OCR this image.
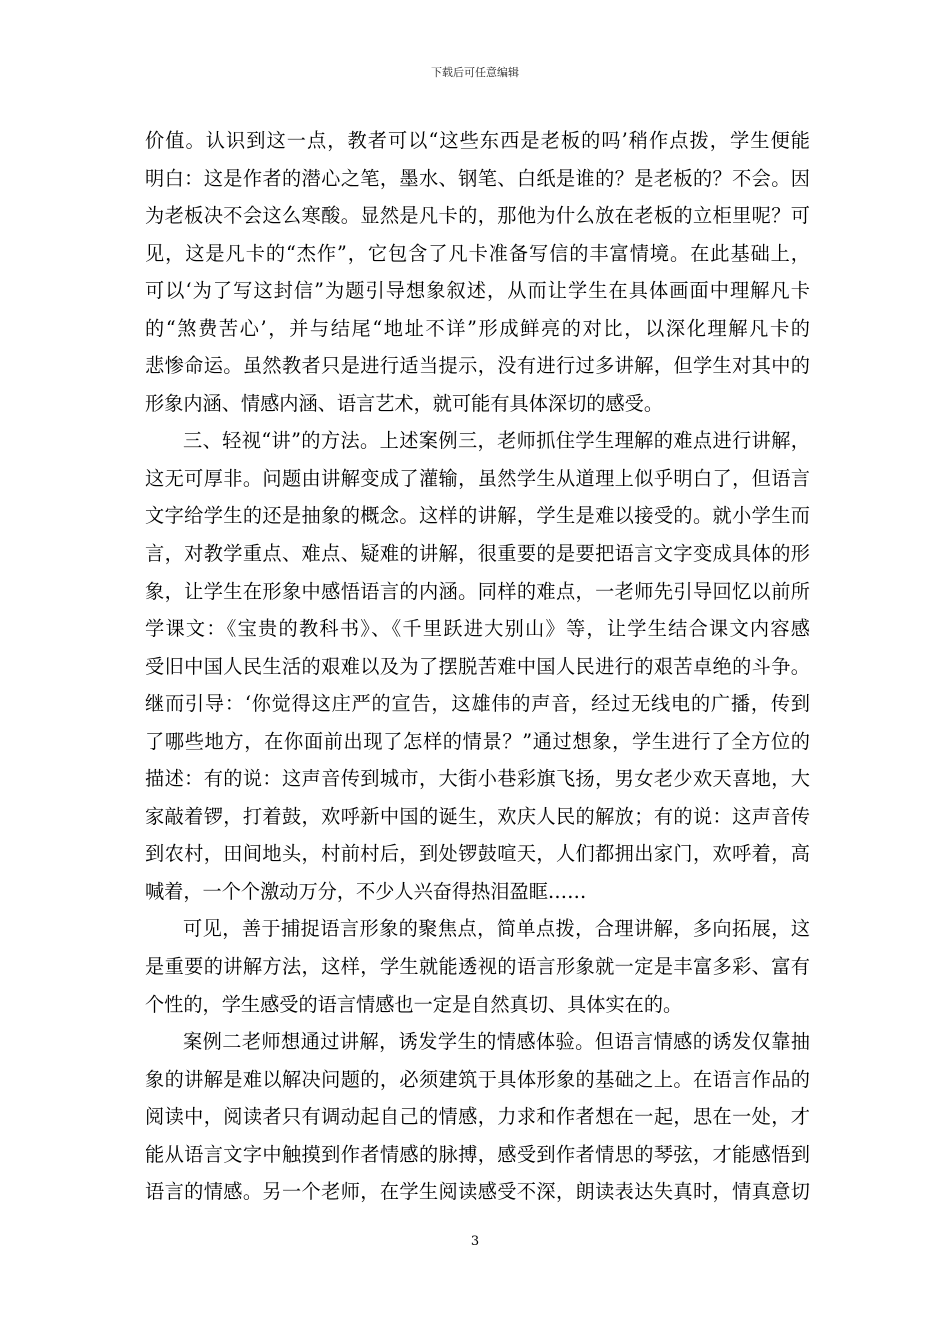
下载后可任意编辑
价值。认识到这一点，教者可以“这些东西是老板的吗’稍作点拨，学生便能
明白：这是作者的潜心之笔，墨水、钢笔、白纸是谁的？是老板的？不会。因
为老板决不会这么寒酸。显然是凡卡的，那他为什么放在老板的立柜里呢？可
见，这是凡卡的“杰作”，它包含了凡卡准备写信的丰富情境。在此基础上，
可以‘为了写这封信”为题引导想象叙述，从而让学生在具体画面中理解凡卡
的“煞费苦心’，并与结尾“地址不详”形成鲜亮的对比，以深化理解凡卡的
悲惨命运。虽然教者只是进行适当提示，没有进行过多讲解，但学生对其中的
形象内涵、情感内涵、语言艺术，就可能有具体深切的感受。
三、轻视“讲”的方法。上述案例三，老师抓住学生理解的难点进行讲解，
这无可厚非。问题由讲解变成了灌输，虽然学生从道理上似乎明白了，但语言
文字给学生的还是抽象的概念。这样的讲解，学生是难以接受的。就小学生而
言，对教学重点、难点、疑难的讲解，很重要的是要把语言文字变成具体的形
象，让学生在形象中感悟语言的内涵。同样的难点，一老师先引导回忆以前所
学课文：《宝贵的教科书》、《千里跃进大别山》等，让学生结合课文内容感
受旧中国人民生活的艰难以及为了摆脱苦难中国人民进行的艰苦卓绝的斗争。
继而引导：‘你觉得这庄严的宣告，这雄伟的声音，经过无线电的广播，传到
了哪些地方，在你面前出现了怎样的情景？”通过想象，学生进行了全方位的
描述：有的说：这声音传到城市，大街小巷彩旗飞扬，男女老少欢天喜地，大
家敲着锣，打着鼓，欢呼新中国的诞生，欢庆人民的解放；有的说：这声音传
到农村，田间地头，村前村后，到处锣鼓喧天，人们都拥出家门，欢呼着，高
喊着，一个个激动万分，不少人兴奋得热泪盈眶……
可见，善于捕捉语言形象的聚焦点，简单点拨，合理讲解，多向拓展，这
是重要的讲解方法，这样，学生就能透视的语言形象就一定是丰富多彩、富有
个性的，学生感受的语言情感也一定是自然真切、具体实在的。
案例二老师想通过讲解，诱发学生的情感体验。但语言情感的诱发仅靠抽
象的讲解是难以解决问题的，必须建筑于具体形象的基础之上。在语言作品的
阅读中，阅读者只有调动起自己的情感，力求和作者想在一起，思在一处，才
能从语言文字中触摸到作者情感的脉搏，感受到作者情思的琴弦，才能感悟到
语言的情感。另一个老师，在学生阅读感受不深，朗读表达失真时，情真意切
3
